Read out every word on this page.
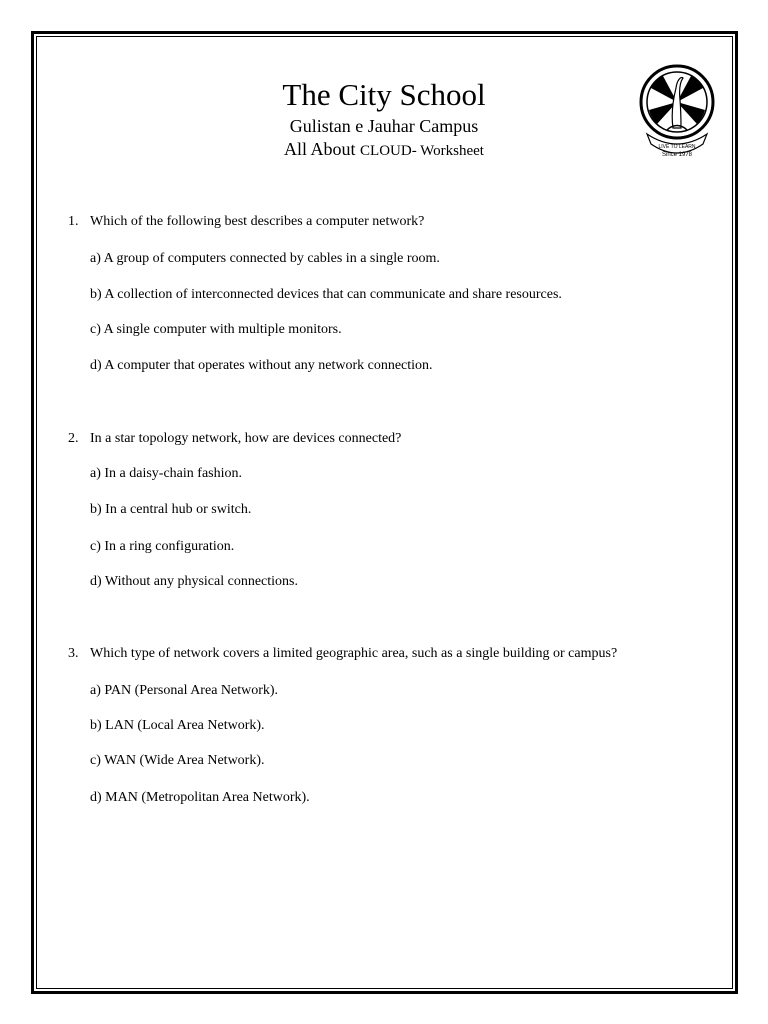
The City School
Gulistan e Jauhar Campus
All About CLOUD- Worksheet	LIVE TO LEARN
Since 1978
1. Which of the following best describes a computer network?
a) A group of computers connected by cables in a single room.
b) A collection of interconnected devices that can communicate and share resources.
c) A single computer with multiple monitors.
d) A computer that operates without any network connection.
2. In a star topology network, how are devices connected?
a) In a daisy-chain fashion.
b) In a central hub or switch.
c) In a ring configuration.
d) Without any physical connections.
3. Which type of network covers a limited geographic area, such as a single building or campus?
a) PAN (Personal Area Network).
b) LAN (Local Area Network).
c) WAN (Wide Area Network).
d) MAN (Metropolitan Area Network).
